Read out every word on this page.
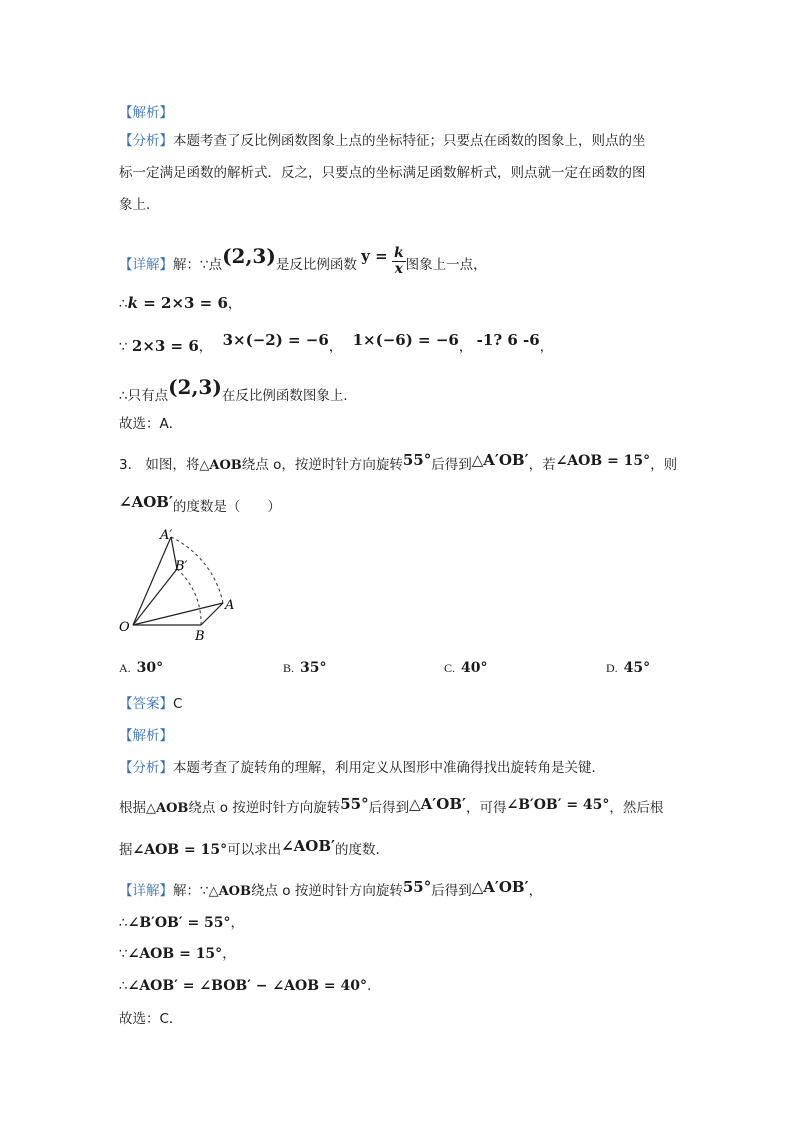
【解析】
【分析】本题考查了反比例函数图象上点的坐标特征；只要点在函数的图象上，则点的坐
标一定满足函数的解析式．反之，只要点的坐标满足函数解析式，则点就一定在函数的图
象上．
【详解】解：∵点(2,3)是反比例函数 $y = \frac{k}{x}$ 图象上一点，
∴k = 2×3 = 6，
∵ 2×3 = 6， 3×(−2) = −6， 1×(−6) = −6， -1? 6 -6，
∴只有点(2,3)在反比例函数图象上．
故选：A．
3.　如图，将△AOB绕点 o，按逆时针方向旋转55°后得到△A′OB′，若∠AOB = 15°，则
∠AOB′的度数是（　　）
A′
B′
O
A
B
A. 30°	B. 35°	C. 40°	D. 45°
【答案】C
【解析】
【分析】本题考查了旋转角的理解，利用定义从图形中准确得找出旋转角是关键．
根据△AOB绕点 o 按逆时针方向旋转55°后得到△A′OB′，可得∠B′OB′ = 45°，然后根
据∠AOB = 15°可以求出∠AOB′的度数．
【详解】解：∵△AOB绕点 o 按逆时针方向旋转55°后得到△A′OB′，
∴∠B′OB′ = 55°，
∵∠AOB = 15°，
∴∠AOB′ = ∠BOB′ − ∠AOB = 40°.
故选：C．
